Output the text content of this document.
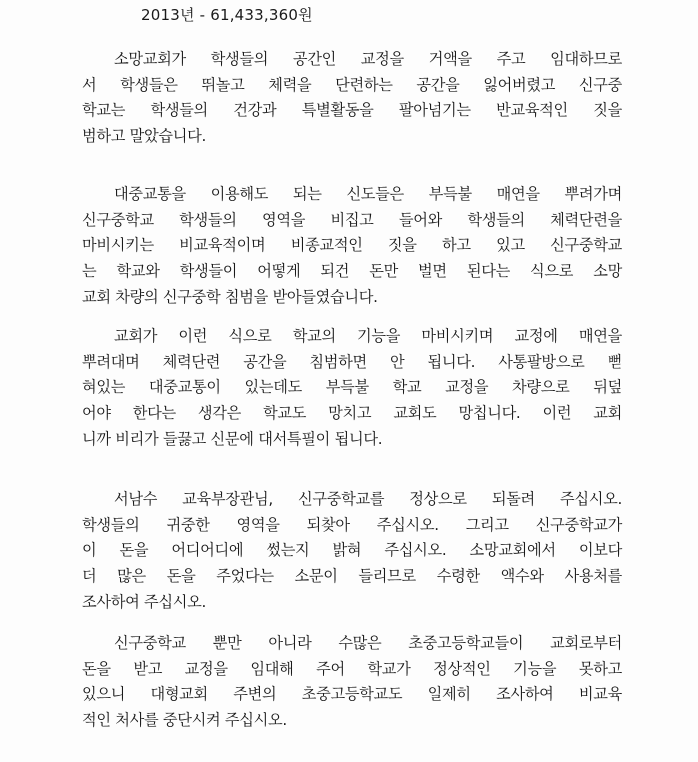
2013년 - 61,433,360원
소망교회가 학생들의 공간인 교정을 거액을 주고 임대하므로
서 학생들은 뛰놀고 체력을 단련하는 공간을 잃어버렸고 신구중
학교는 학생들의 건강과 특별활동을 팔아넘기는 반교육적인 짓을
범하고 말았습니다.
대중교통을 이용해도 되는 신도들은 부득불 매연을 뿌려가며
신구중학교 학생들의 영역을 비집고 들어와 학생들의 체력단련을
마비시키는 비교육적이며 비종교적인 짓을 하고 있고 신구중학교
는 학교와 학생들이 어떻게 되건 돈만 벌면 된다는 식으로 소망
교회 차량의 신구중학 침범을 받아들였습니다.
교회가 이런 식으로 학교의 기능을 마비시키며 교정에 매연을
뿌려대며 체력단련 공간을 침범하면 안 됩니다. 사통팔방으로 뻗
혀있는 대중교통이 있는데도 부득불 학교 교정을 차량으로 뒤덮
어야 한다는 생각은 학교도 망치고 교회도 망칩니다. 이런 교회
니까 비리가 들끓고 신문에 대서특필이 됩니다.
서남수 교육부장관님, 신구중학교를 정상으로 되돌려 주십시오.
학생들의 귀중한 영역을 되찾아 주십시오. 그리고 신구중학교가
이 돈을 어디어디에 썼는지 밝혀 주십시오. 소망교회에서 이보다
더 많은 돈을 주었다는 소문이 들리므로 수령한 액수와 사용처를
조사하여 주십시오.
신구중학교 뿐만 아니라 수많은 초중고등학교들이 교회로부터
돈을 받고 교정을 임대해 주어 학교가 정상적인 기능을 못하고
있으니 대형교회 주변의 초중고등학교도 일제히 조사하여 비교육
적인 처사를 중단시켜 주십시오.
